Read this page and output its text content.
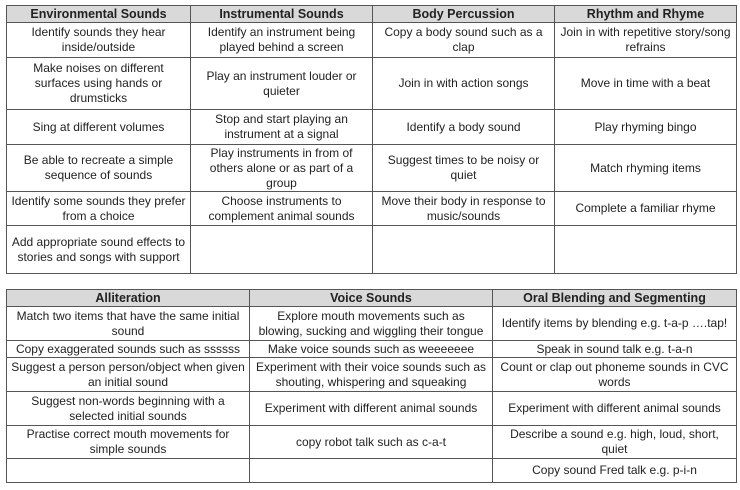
Environmental Sounds	Instrumental Sounds	Body Percussion	Rhythm and Rhyme
Identify sounds they hear inside/outside	Identify an instrument being played behind a screen	Copy a body sound such as a clap	Join in with repetitive story/song refrains
Make noises on different surfaces using hands or drumsticks	Play an instrument louder or quieter	Join in with action songs	Move in time with a beat
Sing at different volumes	Stop and start playing an instrument at a signal	Identify a body sound	Play rhyming bingo
Be able to recreate a simple sequence of sounds	Play instruments in from of others alone or as part of a group	Suggest times to be noisy or quiet	Match rhyming items
Identify some sounds they prefer from a choice	Choose instruments to complement animal sounds	Move their body in response to music/sounds	Complete a familiar rhyme
Add appropriate sound effects to stories and songs with support			
Alliteration	Voice Sounds	Oral Blending and Segmenting
Match two items that have the same initial sound	Explore mouth movements such as blowing, sucking and wiggling their tongue	Identify items by blending e.g. t-a-p ….tap!
Copy exaggerated sounds such as ssssss	Make voice sounds such as weeeeeee	Speak in sound talk e.g. t-a-n
Suggest a person person/object when given an initial sound	Experiment with their voice sounds such as shouting, whispering and squeaking	Count or clap out phoneme sounds in CVC words
Suggest non-words beginning with a selected initial sounds	Experiment with different animal sounds	Experiment with different animal sounds
Practise correct mouth movements for simple sounds	copy robot talk such as c-a-t	Describe a sound e.g. high, loud, short, quiet
		Copy sound Fred talk e.g. p-i-n
